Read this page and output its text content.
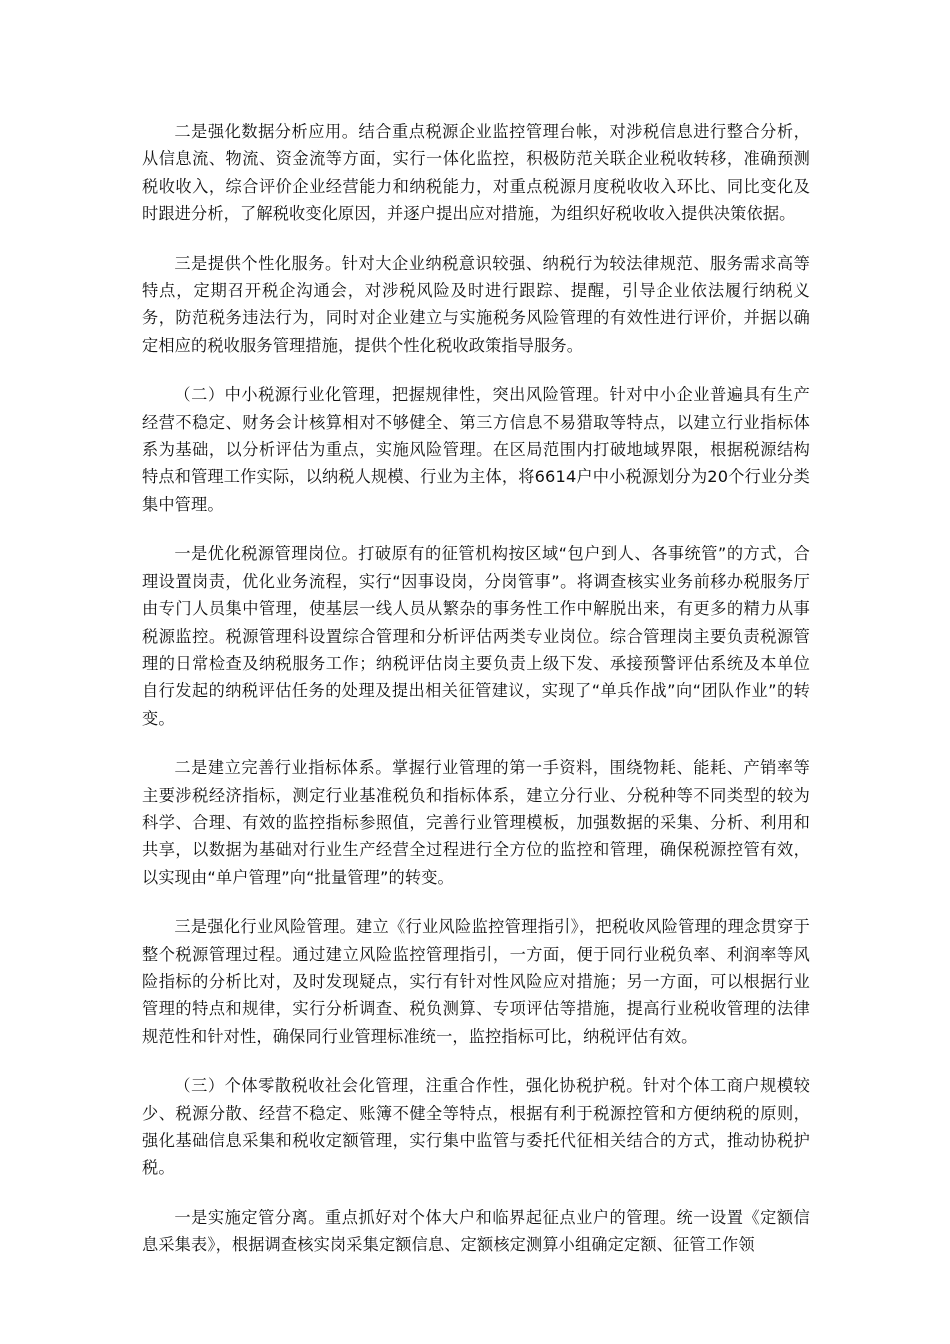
二是强化数据分析应用。结合重点税源企业监控管理台帐，对涉税信息进行整合分析，从信息流、物流、资金流等方面，实行一体化监控，积极防范关联企业税收转移，准确预测税收收入，综合评价企业经营能力和纳税能力，对重点税源月度税收收入环比、同比变化及时跟进分析，了解税收变化原因，并逐户提出应对措施，为组织好税收收入提供决策依据。

三是提供个性化服务。针对大企业纳税意识较强、纳税行为较法律规范、服务需求高等特点，定期召开税企沟通会，对涉税风险及时进行跟踪、提醒，引导企业依法履行纳税义务，防范税务违法行为，同时对企业建立与实施税务风险管理的有效性进行评价，并据以确定相应的税收服务管理措施，提供个性化税收政策指导服务。

（二）中小税源行业化管理，把握规律性，突出风险管理。针对中小企业普遍具有生产经营不稳定、财务会计核算相对不够健全、第三方信息不易猎取等特点，以建立行业指标体系为基础，以分析评估为重点，实施风险管理。在区局范围内打破地域界限，根据税源结构特点和管理工作实际，以纳税人规模、行业为主体，将6614户中小税源划分为20个行业分类集中管理。

一是优化税源管理岗位。打破原有的征管机构按区域“包户到人、各事统管”的方式，合理设置岗责，优化业务流程，实行“因事设岗，分岗管事”。将调查核实业务前移办税服务厅由专门人员集中管理，使基层一线人员从繁杂的事务性工作中解脱出来，有更多的精力从事税源监控。税源管理科设置综合管理和分析评估两类专业岗位。综合管理岗主要负责税源管理的日常检查及纳税服务工作；纳税评估岗主要负责上级下发、承接预警评估系统及本单位自行发起的纳税评估任务的处理及提出相关征管建议，实现了“单兵作战”向“团队作业”的转变。

二是建立完善行业指标体系。掌握行业管理的第一手资料，围绕物耗、能耗、产销率等主要涉税经济指标，测定行业基准税负和指标体系，建立分行业、分税种等不同类型的较为科学、合理、有效的监控指标参照值，完善行业管理模板，加强数据的采集、分析、利用和共享，以数据为基础对行业生产经营全过程进行全方位的监控和管理，确保税源控管有效，以实现由“单户管理”向“批量管理”的转变。

三是强化行业风险管理。建立《行业风险监控管理指引》，把税收风险管理的理念贯穿于整个税源管理过程。通过建立风险监控管理指引，一方面，便于同行业税负率、利润率等风险指标的分析比对，及时发现疑点，实行有针对性风险应对措施；另一方面，可以根据行业管理的特点和规律，实行分析调查、税负测算、专项评估等措施，提高行业税收管理的法律规范性和针对性，确保同行业管理标准统一，监控指标可比，纳税评估有效。

（三）个体零散税收社会化管理，注重合作性，强化协税护税。针对个体工商户规模较少、税源分散、经营不稳定、账簿不健全等特点，根据有利于税源控管和方便纳税的原则，强化基础信息采集和税收定额管理，实行集中监管与委托代征相关结合的方式，推动协税护税。

一是实施定管分离。重点抓好对个体大户和临界起征点业户的管理。统一设置《定额信息采集表》，根据调查核实岗采集定额信息、定额核定测算小组确定定额、征管工作领
